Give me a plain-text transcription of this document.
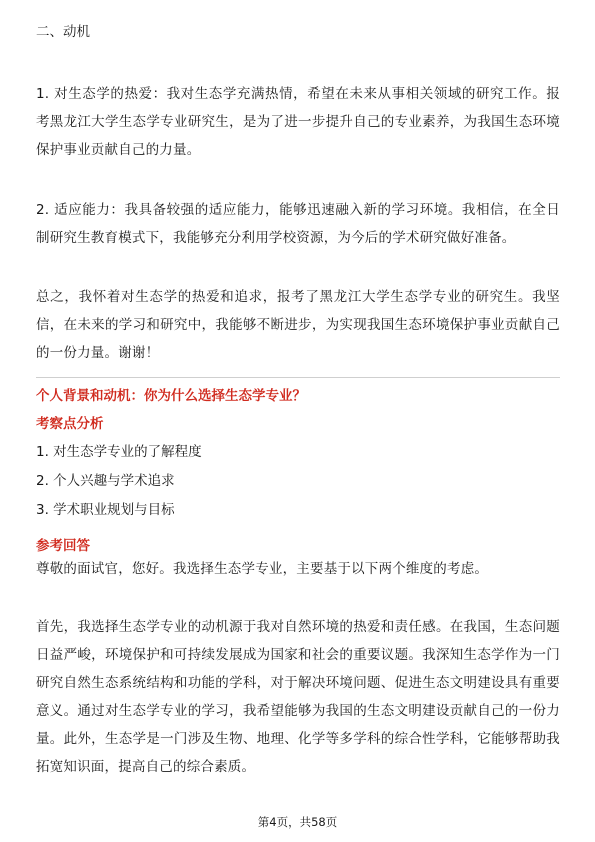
二、动机

1. 对生态学的热爱：我对生态学充满热情，希望在未来从事相关领域的研究工作。报考黑龙江大学生态学专业研究生，是为了进一步提升自己的专业素养，为我国生态环境保护事业贡献自己的力量。

2. 适应能力：我具备较强的适应能力，能够迅速融入新的学习环境。我相信，在全日制研究生教育模式下，我能够充分利用学校资源，为今后的学术研究做好准备。

总之，我怀着对生态学的热爱和追求，报考了黑龙江大学生态学专业的研究生。我坚信，在未来的学习和研究中，我能够不断进步，为实现我国生态环境保护事业贡献自己的一份力量。谢谢！

个人背景和动机：你为什么选择生态学专业？
考察点分析
1. 对生态学专业的了解程度
2. 个人兴趣与学术追求
3. 学术职业规划与目标
参考回答

尊敬的面试官，您好。我选择生态学专业，主要基于以下两个维度的考虑。

首先，我选择生态学专业的动机源于我对自然环境的热爱和责任感。在我国，生态问题日益严峻，环境保护和可持续发展成为国家和社会的重要议题。我深知生态学作为一门研究自然生态系统结构和功能的学科，对于解决环境问题、促进生态文明建设具有重要意义。通过对生态学专业的学习，我希望能够为我国的生态文明建设贡献自己的一份力量。此外，生态学是一门涉及生物、地理、化学等多学科的综合性学科，它能够帮助我拓宽知识面，提高自己的综合素质。

第4页，共58页
